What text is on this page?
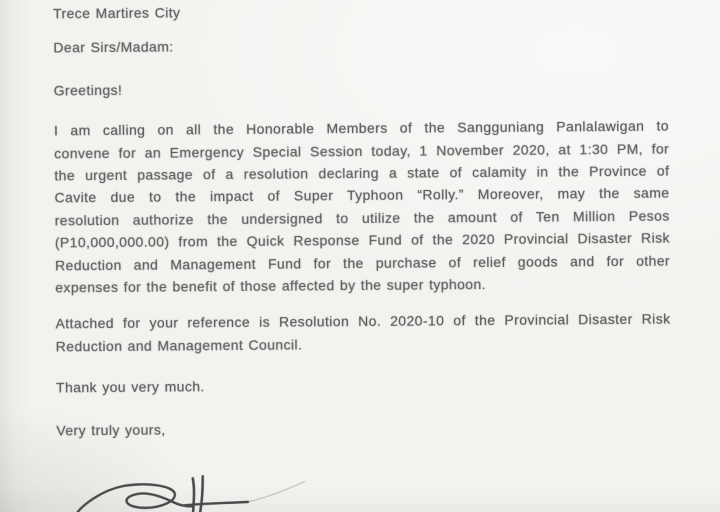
Trece Martires City
Dear Sirs/Madam:
Greetings!
I am calling on all the Honorable Members of the Sangguniang Panlalawigan to
convene for an Emergency Special Session today, 1 November 2020, at 1:30 PM, for
the urgent passage of a resolution declaring a state of calamity in the Province of
Cavite due to the impact of Super Typhoon “Rolly.” Moreover, may the same
resolution authorize the undersigned to utilize the amount of Ten Million Pesos
(P10,000,000.00) from the Quick Response Fund of the 2020 Provincial Disaster Risk
Reduction and Management Fund for the purchase of relief goods and for other
expenses for the benefit of those affected by the super typhoon.
Attached for your reference is Resolution No. 2020-10 of the Provincial Disaster Risk
Reduction and Management Council.
Thank you very much.
Very truly yours,
